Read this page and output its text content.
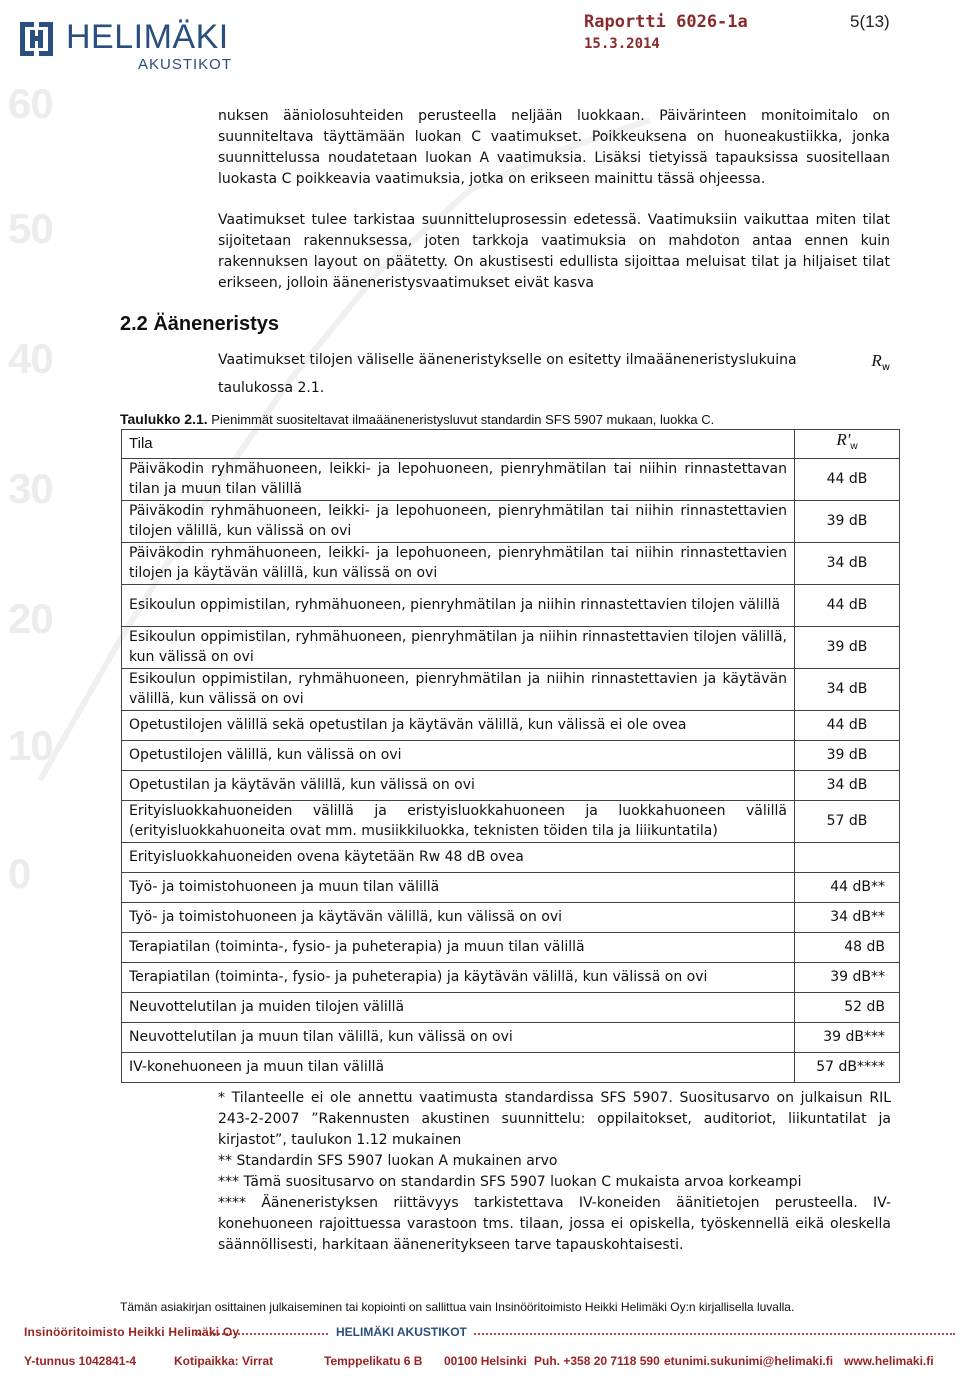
60
50
40
30
20
10
0
HELIMÄKI
AKUSTIKOT
Raportti 6026-1a
15.3.2014
5(13)

nuksen ääniolosuhteiden perusteella neljään luokkaan. Päivärinteen monitoimitalo on suunniteltava täyttämään luokan C vaatimukset. Poikkeuksena on huoneakustiikka, jonka suunnittelussa noudatetaan luokan A vaatimuksia. Lisäksi tietyissä tapauksissa suositellaan luokasta C poikkeavia vaatimuksia, jotka on erikseen mainittu tässä ohjeessa.

Vaatimukset tulee tarkistaa suunnitteluprosessin edetessä. Vaatimuksiin vaikuttaa miten tilat sijoitetaan rakennuksessa, joten tarkkoja vaatimuksia on mahdoton antaa ennen kuin rakennuksen layout on päätetty. On akustisesti edullista sijoittaa meluisat tilat ja hiljaiset tilat erikseen, jolloin ääneneristysvaatimukset eivät kasva

2.2 Ääneneristys
Vaatimukset tilojen väliselle ääneneristykselle on esitetty ilmaääneneristyslukuina	$R_w$
taulukossa 2.1.
Taulukko 2.1. Pienimmät suositeltavat ilmaääneneristysluvut standardin SFS 5907 mukaan, luokka C.
Tila	$R'_w$
Päiväkodin ryhmähuoneen, leikki- ja lepohuoneen, pienryhmätilan tai niihin rinnastettavan tilan ja muun tilan välillä	44 dB
Päiväkodin ryhmähuoneen, leikki- ja lepohuoneen, pienryhmätilan tai niihin rinnastettavien tilojen välillä, kun välissä on ovi	39 dB
Päiväkodin ryhmähuoneen, leikki- ja lepohuoneen, pienryhmätilan tai niihin rinnastettavien tilojen ja käytävän välillä, kun välissä on ovi	34 dB
Esikoulun oppimistilan, ryhmähuoneen, pienryhmätilan ja niihin rinnastettavien tilojen välillä	44 dB
Esikoulun oppimistilan, ryhmähuoneen, pienryhmätilan ja niihin rinnastettavien tilojen välillä, kun välissä on ovi	39 dB
Esikoulun oppimistilan, ryhmähuoneen, pienryhmätilan ja niihin rinnastettavien ja käytävän välillä, kun välissä on ovi	34 dB
Opetustilojen välillä sekä opetustilan ja käytävän välillä, kun välissä ei ole ovea	44 dB
Opetustilojen välillä, kun välissä on ovi	39 dB
Opetustilan ja käytävän välillä, kun välissä on ovi	34 dB
Erityisluokkahuoneiden välillä ja eristyisluokkahuoneen ja luokkahuoneen välillä (erityisluokkahuoneita ovat mm. musiikkiluokka, teknisten töiden tila ja liiikuntatila)	57 dB
Erityisluokkahuoneiden ovena käytetään Rw 48 dB ovea	
Työ- ja toimistohuoneen ja muun tilan välillä	44 dB**
Työ- ja toimistohuoneen ja käytävän välillä, kun välissä on ovi	34 dB**
Terapiatilan (toiminta-, fysio- ja puheterapia) ja muun tilan välillä	48 dB
Terapiatilan (toiminta-, fysio- ja puheterapia) ja käytävän välillä, kun välissä on ovi	39 dB**
Neuvottelutilan ja muiden tilojen välillä	52 dB
Neuvottelutilan ja muun tilan välillä, kun välissä on ovi	39 dB***
IV-konehuoneen ja muun tilan välillä	57 dB****
* Tilanteelle ei ole annettu vaatimusta standardissa SFS 5907. Suositusarvo on julkaisun RIL 243-2-2007 ”Rakennusten akustinen suunnittelu: oppilaitokset, auditoriot, liikuntatilat ja kirjastot”, taulukon 1.12 mukainen
** Standardin SFS 5907 luokan A mukainen arvo
*** Tämä suositusarvo on standardin SFS 5907 luokan C mukaista arvoa korkeampi
**** Ääneneristyksen riittävyys tarkistettava IV-koneiden äänitietojen perusteella. IV-konehuoneen rajoittuessa varastoon tms. tilaan, jossa ei opiskella, työskennellä eikä oleskella säännöllisesti, harkitaan ääneneritykseen tarve tapauskohtaisesti.
Tämän asiakirjan osittainen julkaiseminen tai kopiointi on sallittua vain Insinööritoimisto Heikki Helimäki Oy:n kirjallisella luvalla.
Insinööritoimisto Heikki Helimäki Oy	HELIMÄKI AKUSTIKOT
Y-tunnus 1042841-4	Kotipaikka: Virrat	Temppelikatu 6 B 00100 Helsinki Puh. +358 20 7118 590 etunimi.sukunimi@helimaki.fi www.helimaki.fi
